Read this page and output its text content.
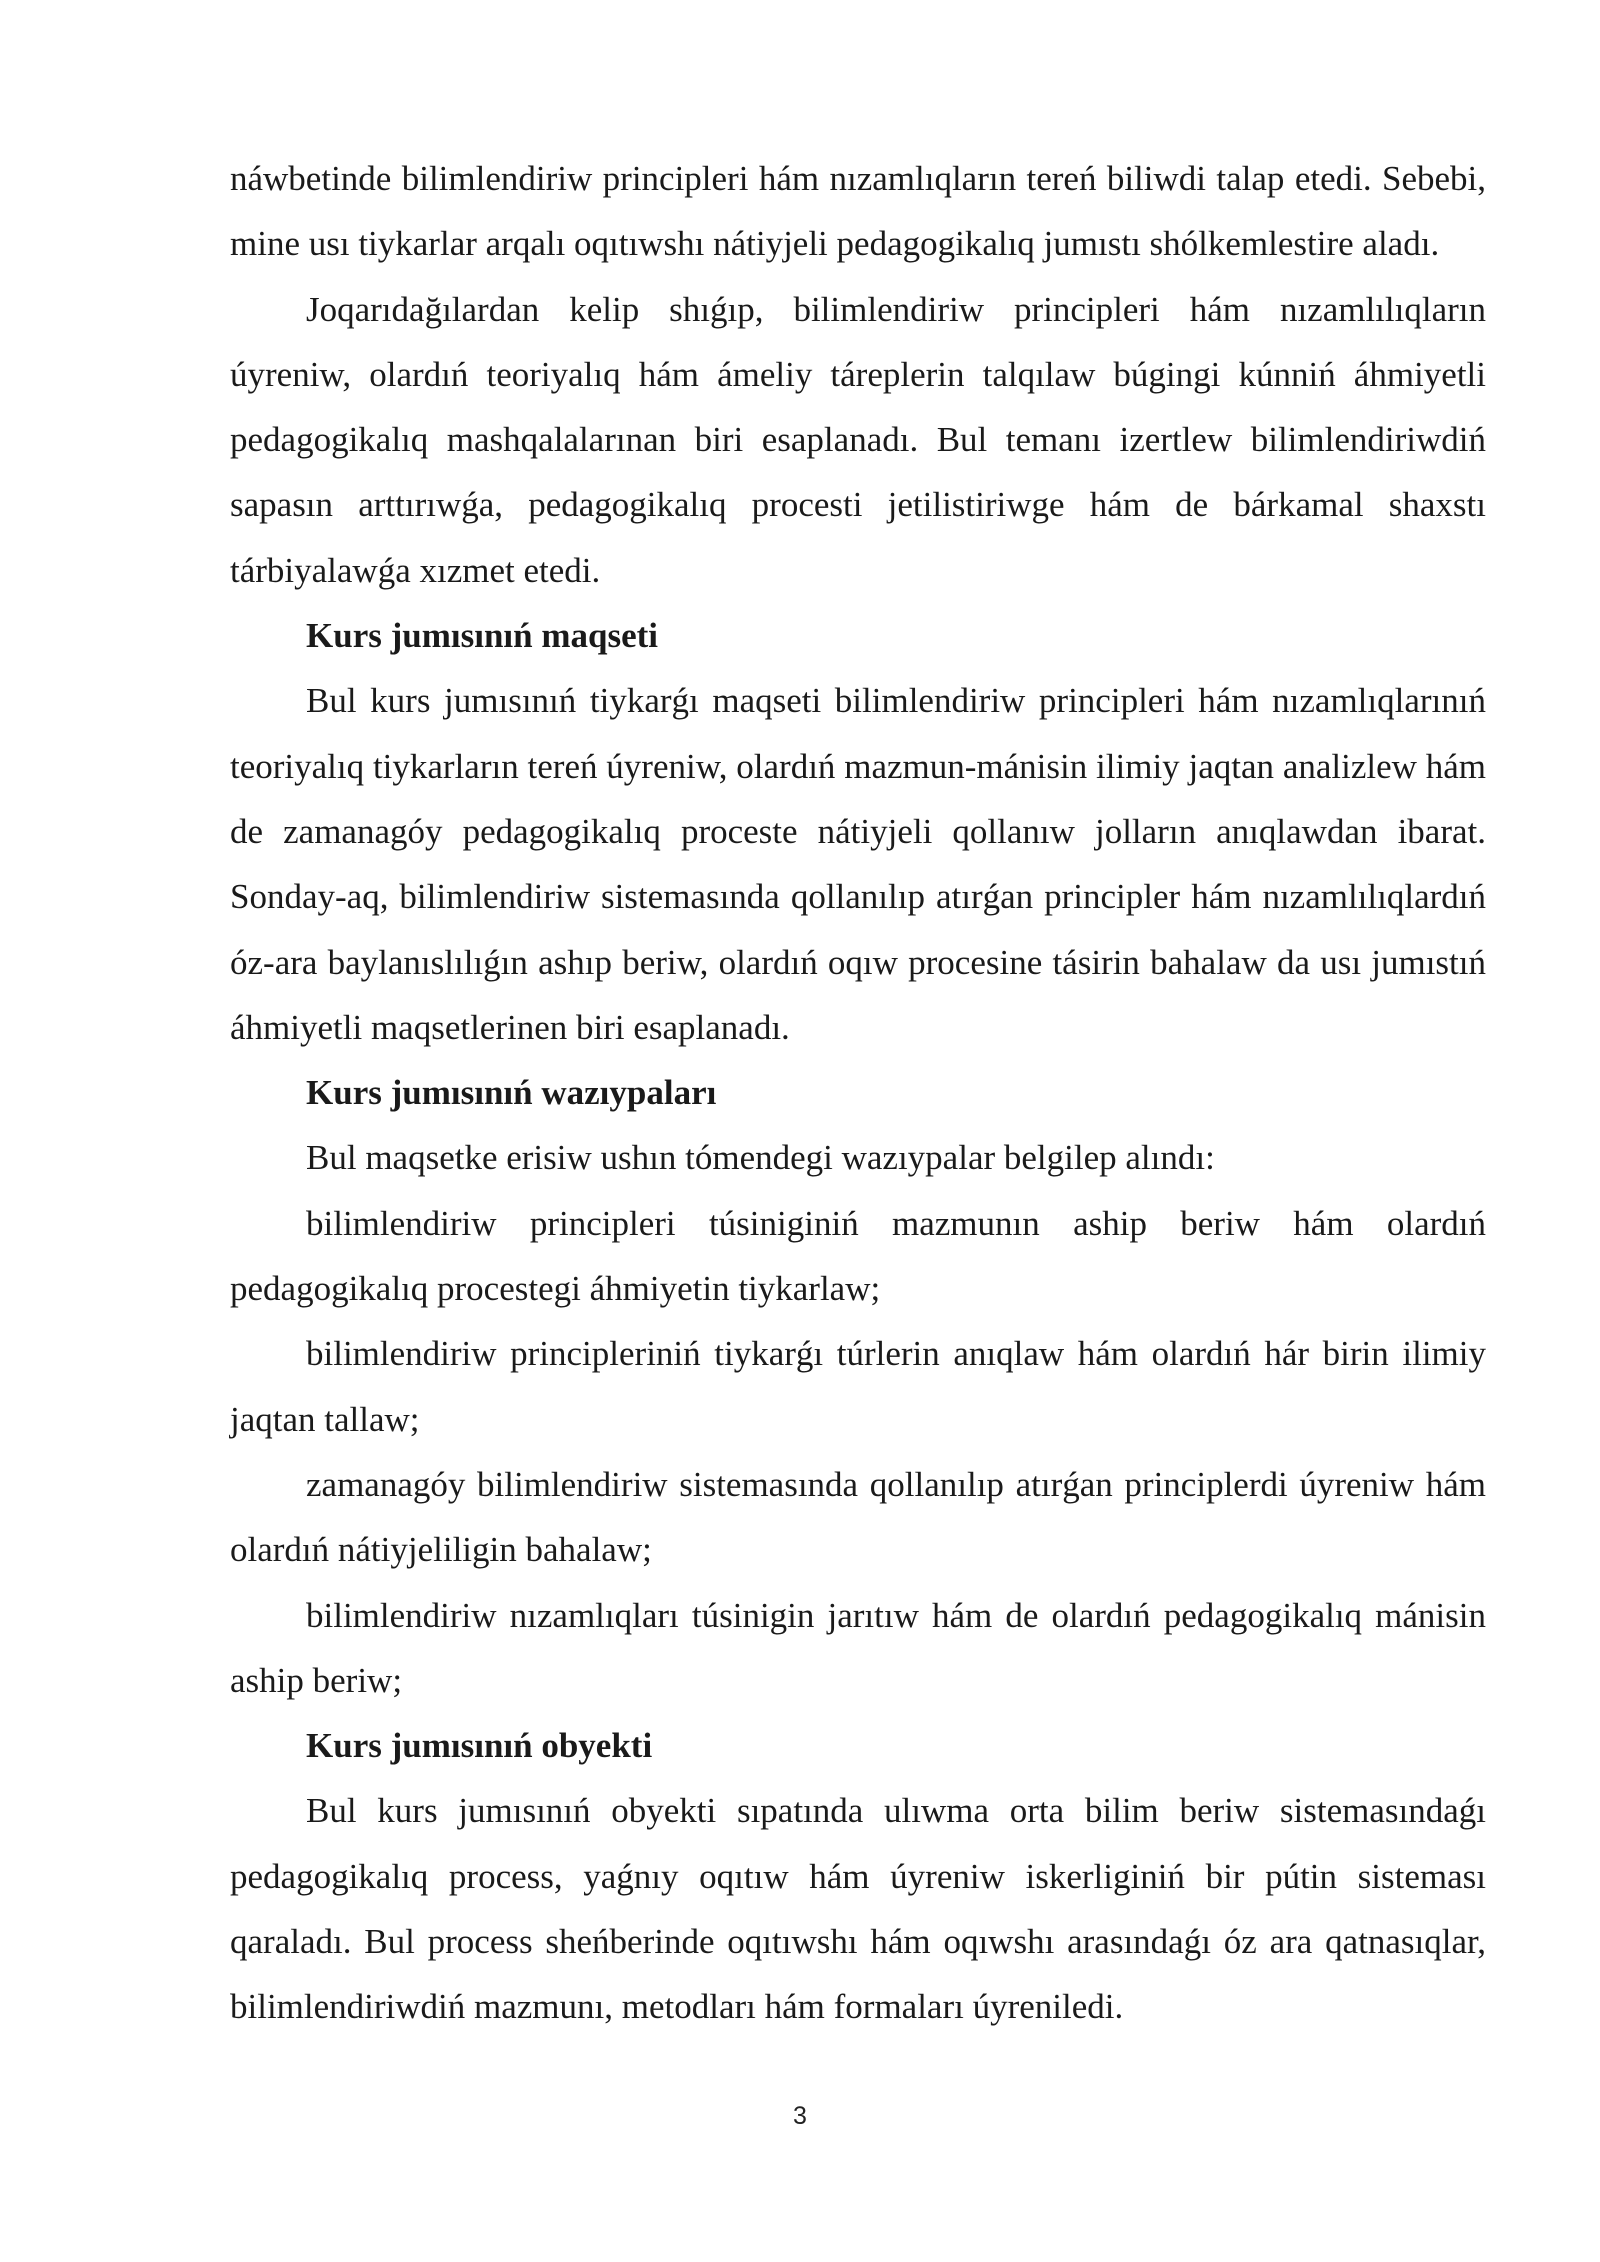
náwbetinde bilimlendiriw principleri hám nızamlıqların tereń biliwdi talap etedi. Sebebi, mine usı tiykarlar arqalı oqıtıwshı nátiyjeli pedagogikalıq jumıstı shólkemlestire aladı.

Joqarıdağılardan kelip shıǵıp, bilimlendiriw principleri hám nızamlılıqların úyreniw, olardıń teoriyalıq hám ámeliy táreplerin talqılaw búgingi kúnniń áhmiyetli pedagogikalıq mashqalalarınan biri esaplanadı. Bul temanı izertlew bilimlendiriwdiń sapasın arttırıwǵa, pedagogikalıq procesti jetilistiriwge hám de bárkamal shaxstı tárbiyalawǵa xızmet etedi.

Kurs jumısınıń maqseti

Bul kurs jumısınıń tiykarǵı maqseti bilimlendiriw principleri hám nızamlıqlarınıń teoriyalıq tiykarların tereń úyreniw, olardıń mazmun-mánisin ilimiy jaqtan analizlew hám de zamanagóy pedagogikalıq proceste nátiyjeli qollanıw jolların anıqlawdan ibarat. Sonday-aq, bilimlendiriw sistemasında qollanılıp atırǵan principler hám nızamlılıqlardıń óz-ara baylanıslılıǵın ashıp beriw, olardıń oqıw procesine tásirin bahalaw da usı jumıstıń áhmiyetli maqsetlerinen biri esaplanadı.

Kurs jumısınıń wazıypaları

Bul maqsetke erisiw ushın tómendegi wazıypalar belgilep alındı:

bilimlendiriw principleri túsiniginiń mazmunın aship beriw hám olardıń pedagogikalıq procestegi áhmiyetin tiykarlaw;

bilimlendiriw principleriniń tiykarǵı túrlerin anıqlaw hám olardıń hár birin ilimiy jaqtan tallaw;

zamanagóy bilimlendiriw sistemasında qollanılıp atırǵan principlerdi úyreniw hám olardıń nátiyjeliligin bahalaw;

bilimlendiriw nızamlıqları túsinigin jarıtıw hám de olardıń pedagogikalıq mánisin aship beriw;

Kurs jumısınıń obyekti

Bul kurs jumısınıń obyekti sıpatında ulıwma orta bilim beriw sistemasındaǵı pedagogikalıq process, yaǵnıy oqıtıw hám úyreniw iskerliginiń bir pútin sisteması qaraladı. Bul process sheńberinde oqıtıwshı hám oqıwshı arasındaǵı óz ara qatnasıqlar, bilimlendiriwdiń mazmunı, metodları hám formaları úyreniledi.

3
